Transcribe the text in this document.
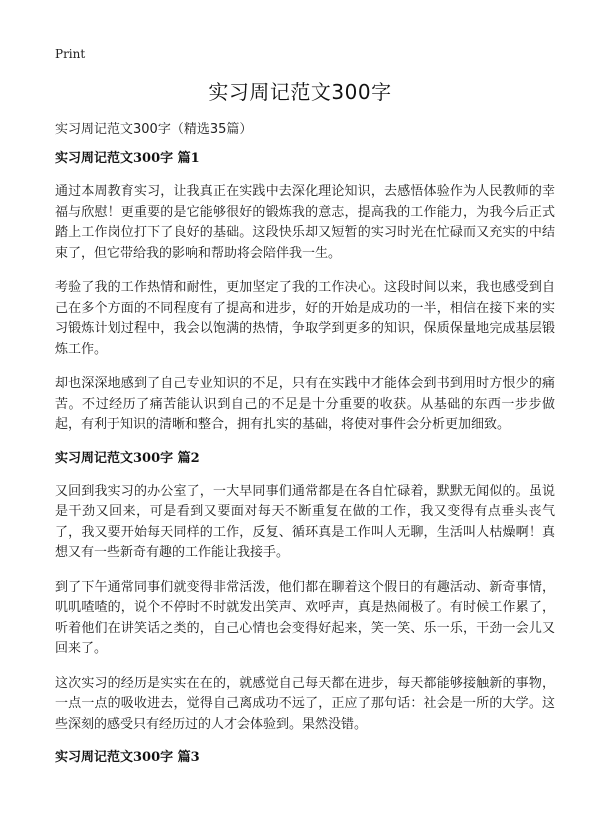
Print
实习周记范文300字
实习周记范文300字（精选35篇）
实习周记范文300字 篇1

通过本周教育实习，让我真正在实践中去深化理论知识，去感悟体验作为人民教师的幸福与欣慰！更重要的是它能够很好的锻炼我的意志，提高我的工作能力，为我今后正式踏上工作岗位打下了良好的基础。这段快乐却又短暂的实习时光在忙碌而又充实的中结束了，但它带给我的影响和帮助将会陪伴我一生。

考验了我的工作热情和耐性，更加坚定了我的工作决心。这段时间以来，我也感受到自己在多个方面的不同程度有了提高和进步，好的开始是成功的一半，相信在接下来的实习锻炼计划过程中，我会以饱满的热情，争取学到更多的知识，保质保量地完成基层锻炼工作。

却也深深地感到了自己专业知识的不足，只有在实践中才能体会到书到用时方恨少的痛苦。不过经历了痛苦能认识到自己的不足是十分重要的收获。从基础的东西一步步做起，有利于知识的清晰和整合，拥有扎实的基础，将使对事件会分析更加细致。

实习周记范文300字 篇2

又回到我实习的办公室了，一大早同事们通常都是在各自忙碌着，默默无闻似的。虽说是干劲又回来，可是看到又要面对每天不断重复在做的工作，我又变得有点垂头丧气了，我又要开始每天同样的工作，反复、循环真是工作叫人无聊，生活叫人枯燥啊！真想又有一些新奇有趣的工作能让我接手。

到了下午通常同事们就变得非常活泼，他们都在聊着这个假日的有趣活动、新奇事情，叽叽喳喳的，说个不停时不时就发出笑声、欢呼声，真是热闹极了。有时候工作累了，听着他们在讲笑话之类的，自己心情也会变得好起来，笑一笑、乐一乐，干劲一会儿又回来了。

这次实习的经历是实实在在的，就感觉自己每天都在进步，每天都能够接触新的事物，一点一点的吸收进去，觉得自己离成功不远了，正应了那句话：社会是一所的大学。这些深刻的感受只有经历过的人才会体验到。果然没错。

实习周记范文300字 篇3
